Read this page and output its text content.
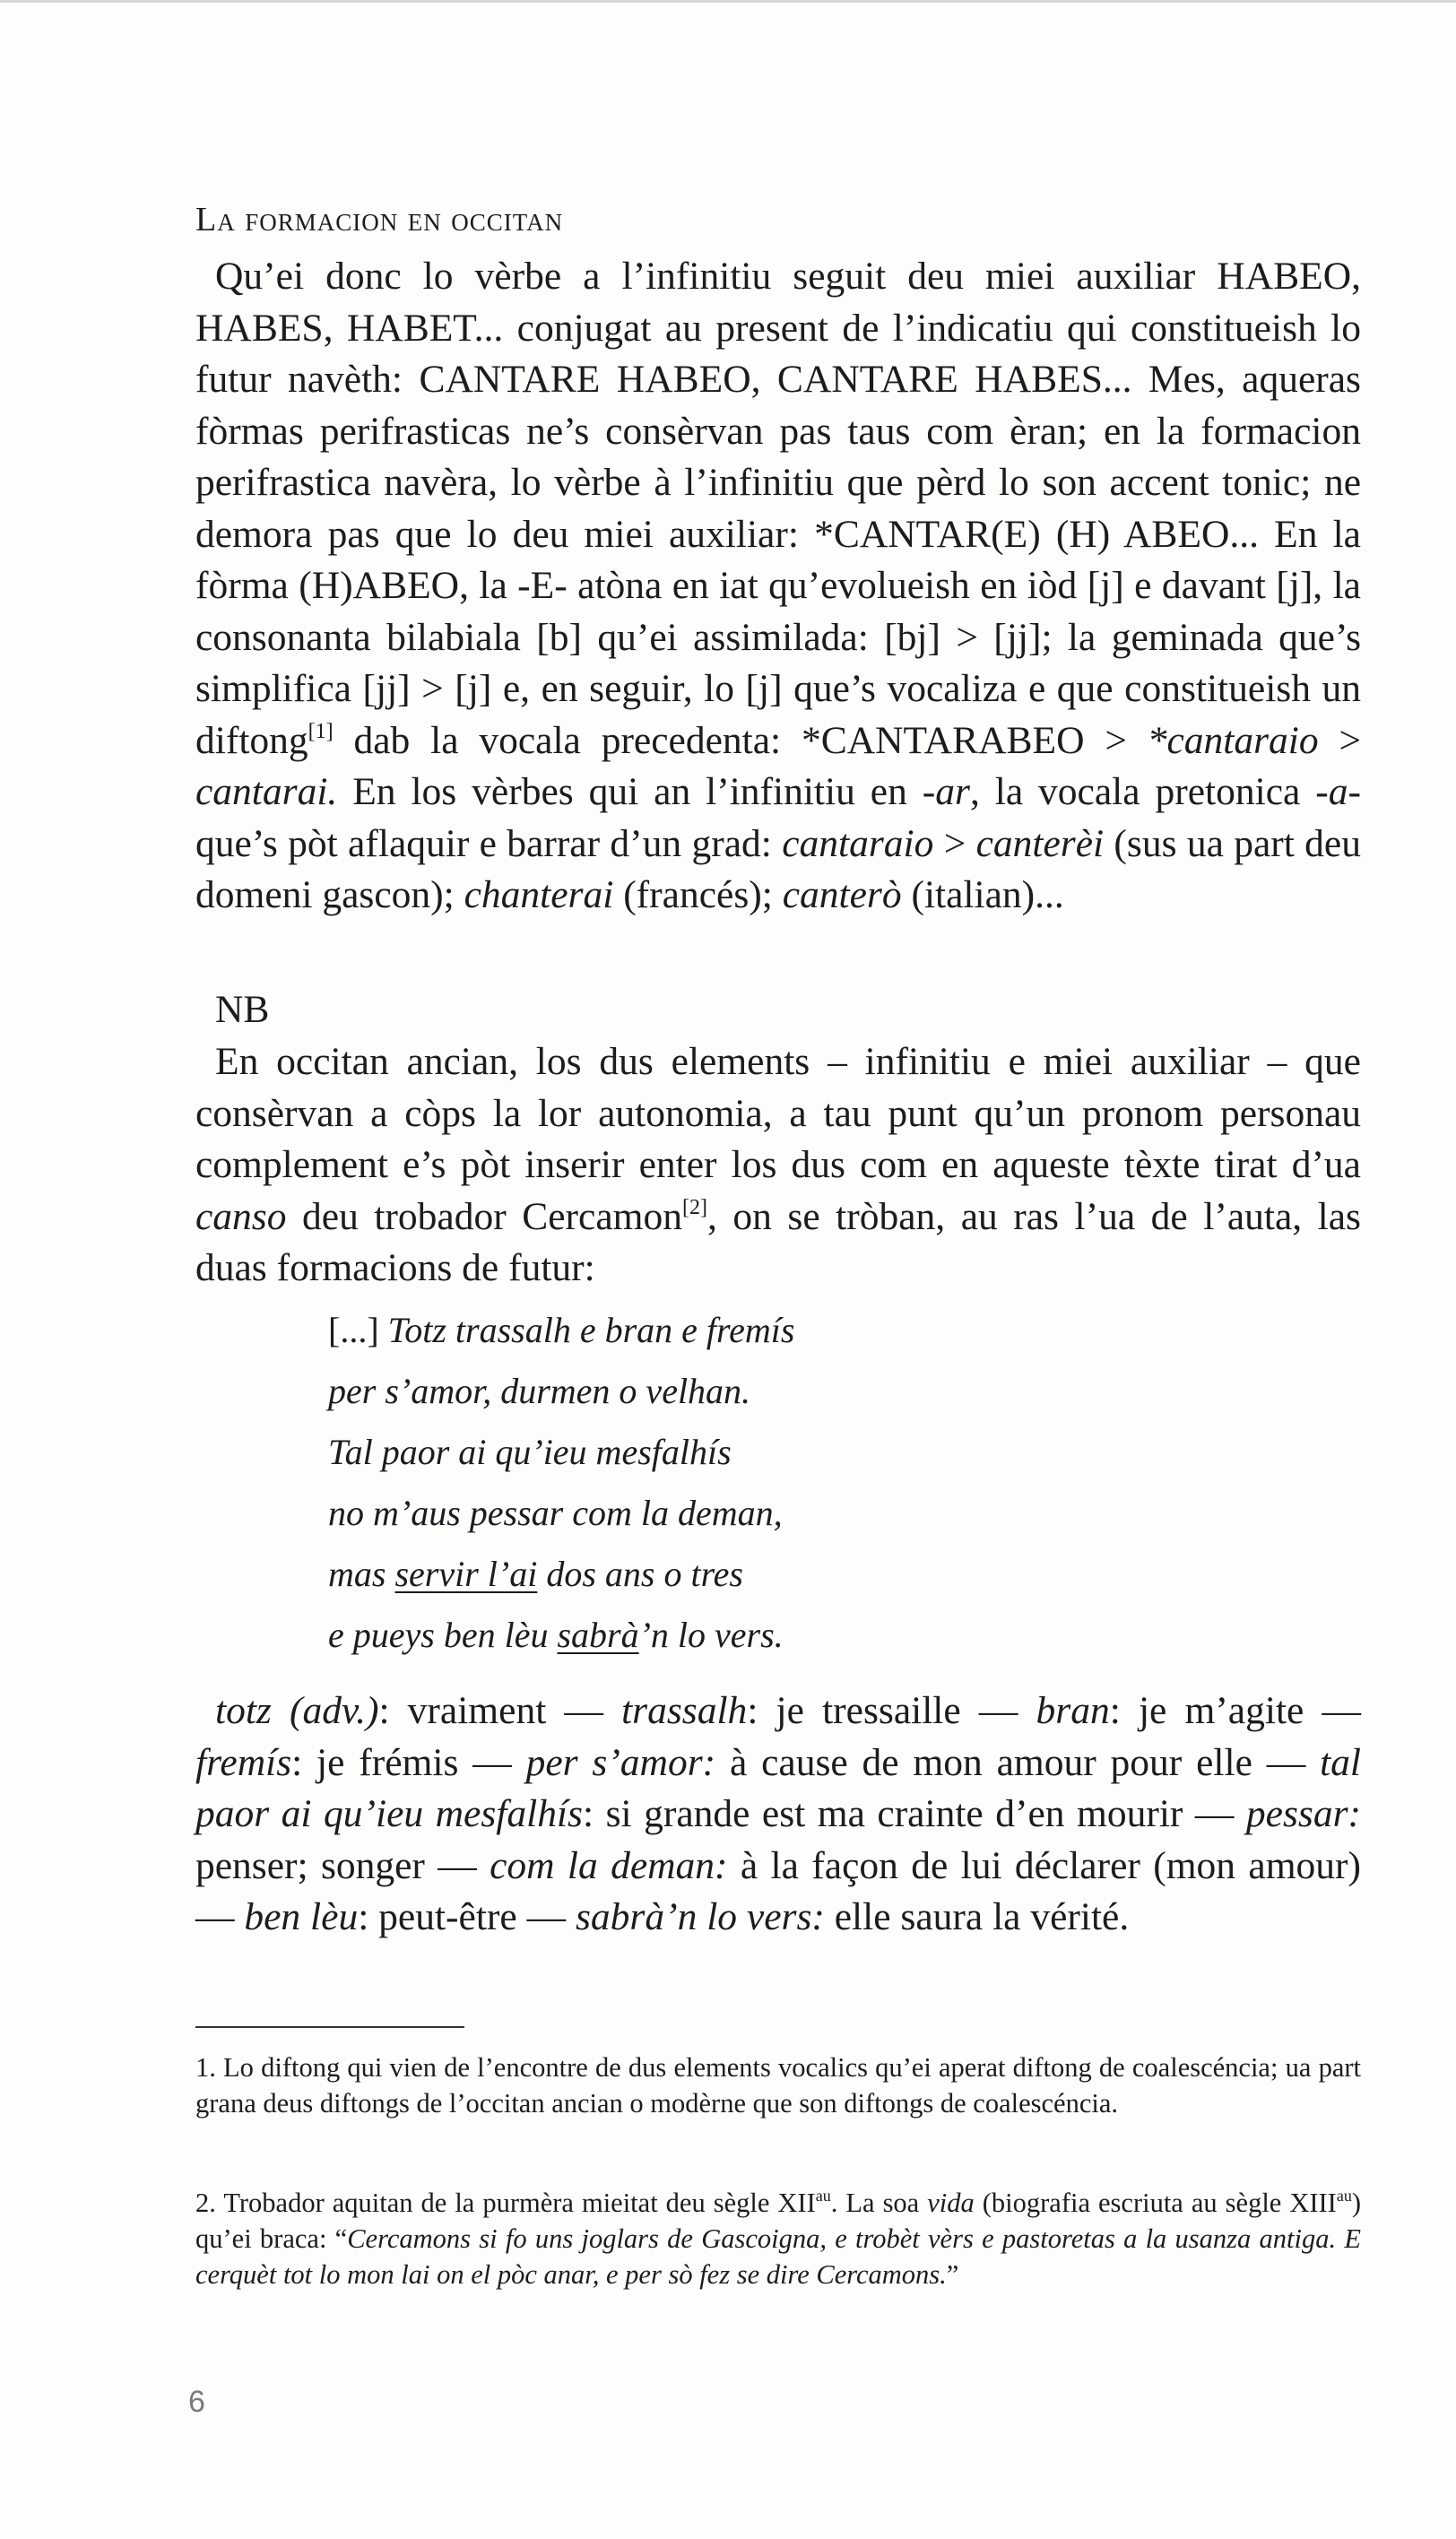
La formacion en occitan

Qu’ei donc lo vèrbe a l’infinitiu seguit deu miei auxiliar HABEO, HABES, HABET... conjugat au present de l’indicatiu qui constitueish lo futur navèth: CANTARE HABEO, CANTARE HABES... Mes, aqueras fòrmas perifrasticas ne’s consèrvan pas taus com èran; en la formacion perifrastica navèra, lo vèrbe à l’infinitiu que pèrd lo son accent tonic; ne demora pas que lo deu miei auxiliar: *CANTAR(E) (H) ABEO... En la fòrma (H)ABEO, la -E- atòna en iat qu’evolueish en iòd [j] e davant [j], la consonanta bilabiala [b] qu’ei assimilada: [bj] > [jj]; la geminada que’s simplifica [jj] > [j] e, en seguir, lo [j] que’s vocaliza e que constitueish un diftong[1] dab la vocala precedenta: *CANTARABEO > *cantaraio > cantarai. En los vèrbes qui an l’infinitiu en -ar, la vocala pretonica -a- que’s pòt aflaquir e barrar d’un grad: cantaraio > canterèi (sus ua part deu domeni gascon); chanterai (francés); canterò (italian)...

NB

En occitan ancian, los dus elements – infinitiu e miei auxiliar – que consèrvan a còps la lor autonomia, a tau punt qu’un pronom personau complement e’s pòt inserir enter los dus com en aqueste tèxte tirat d’ua canso deu trobador Cercamon[2], on se tròban, au ras l’ua de l’auta, las duas formacions de futur:

[...] Totz trassalh e bran e fremís
per s’amor, durmen o velhan.
Tal paor ai qu’ieu mesfalhís
no m’aus pessar com la deman,
mas servir l’ai dos ans o tres
e pueys ben lèu sabrà’n lo vers.

totz (adv.): vraiment — trassalh: je tressaille — bran: je m’agite —fremís: je frémis — per s’amor: à cause de mon amour pour elle — tal paor ai qu’ieu mesfalhís: si grande est ma crainte d’en mourir — pessar: penser; songer — com la deman: à la façon de lui déclarer (mon amour) — ben lèu: peut-être — sabrà’n lo vers: elle saura la vérité.

1. Lo diftong qui vien de l’encontre de dus elements vocalics qu’ei aperat diftong de coalescéncia; ua part grana deus diftongs de l’occitan ancian o modèrne que son diftongs de coalescéncia.

2. Trobador aquitan de la purmèra mieitat deu sègle $XII^{au}$. La soa vida (biografia escriuta au sègle $XIII^{au}$) qu’ei braca: “Cercamons si fo uns joglars de Gascoigna, e trobèt vèrs e pastoretas a la usanza antiga. E cerquèt tot lo mon lai on el pòc anar, e per sò fez se dire Cercamons.”

6
